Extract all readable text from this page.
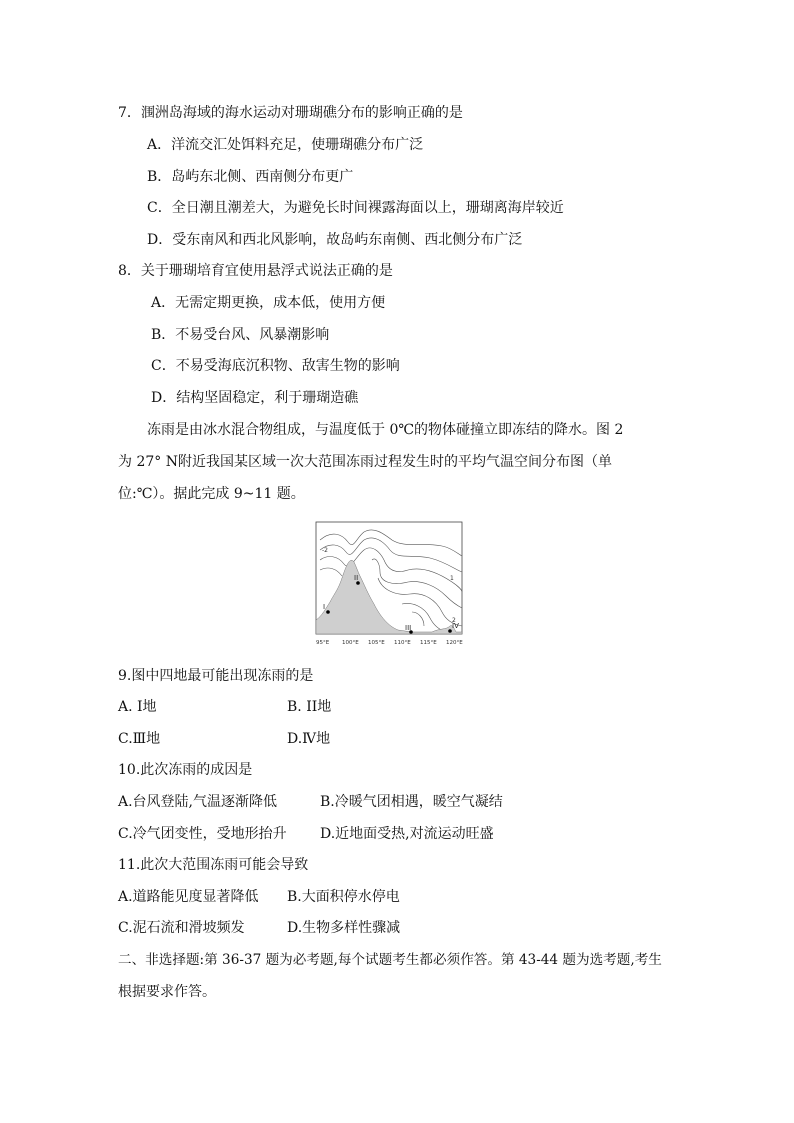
7．涠洲岛海域的海水运动对珊瑚礁分布的影响正确的是
A．洋流交汇处饵料充足，使珊瑚礁分布广泛
B．岛屿东北侧、西南侧分布更广
C．全日潮且潮差大，为避免长时间裸露海面以上，珊瑚离海岸较近
D．受东南风和西北风影响，故岛屿东南侧、西北侧分布广泛
8．关于珊瑚培育宜使用悬浮式说法正确的是
A．无需定期更换，成本低，使用方便
B．不易受台风、风暴潮影响
C．不易受海底沉积物、敌害生物的影响
D．结构坚固稳定，利于珊瑚造礁
冻雨是由冰水混合物组成，与温度低于 0℃的物体碰撞立即冻结的降水。图 2
为 27° N附近我国某区域一次大范围冻雨过程发生时的平均气温空间分布图（单
位:℃）。据此完成 9~11 题。
-2
1
2
I
II
III	IV
95°E 100°E 105°E 110°E 115°E 120°E
9.图中四地最可能出现冻雨的是
A. I地	B. II地
C.Ⅲ地	D.Ⅳ地
10.此次冻雨的成因是
A.台风登陆,气温逐渐降低	B.冷暖气团相遇，暖空气凝结
C.冷气团变性，受地形抬升 D.近地面受热,对流运动旺盛
11.此次大范围冻雨可能会导致
A.道路能见度显著降低 B.大面积停水停电
C.泥石流和滑坡频发	D.生物多样性骤减
二、非选择题:第 36-37 题为必考题,每个试题考生都必须作答。第 43-44 题为选考题,考生
根据要求作答。
